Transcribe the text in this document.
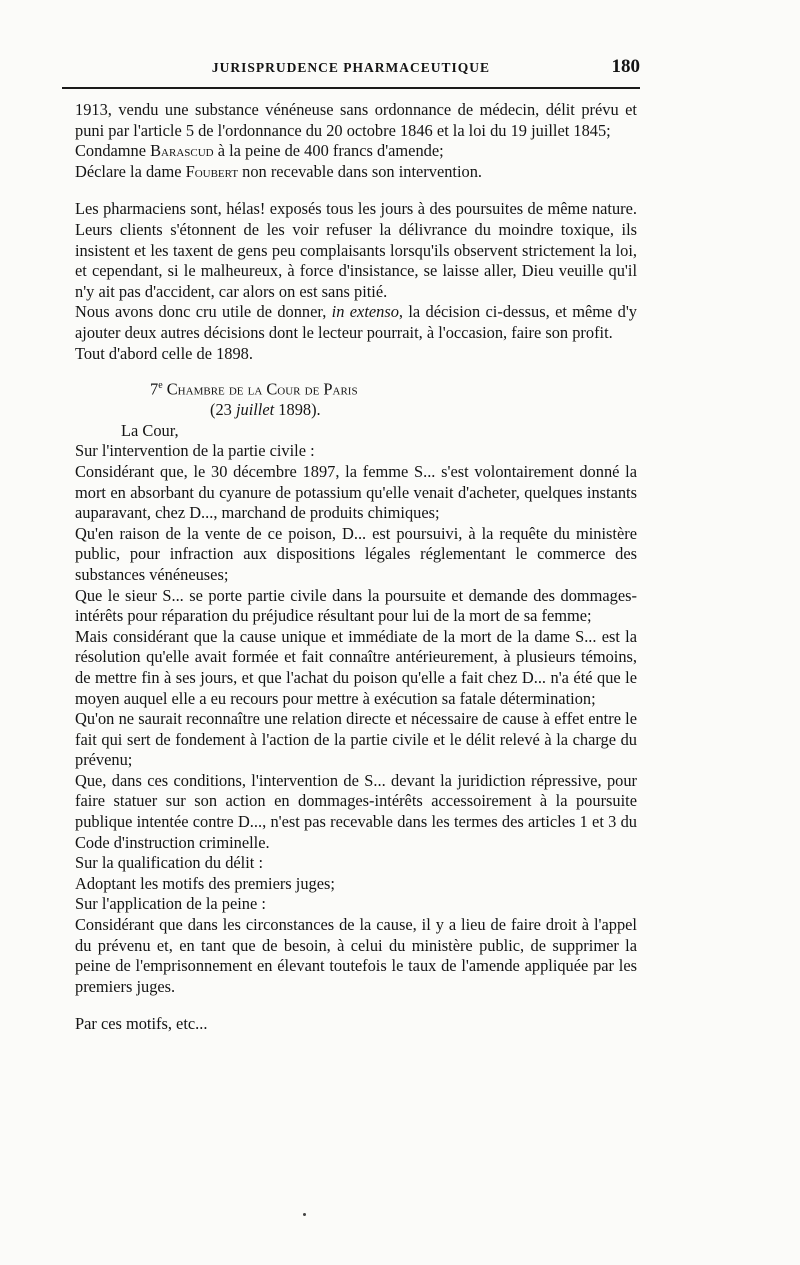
JURISPRUDENCE PHARMACEUTIQUE	180

1913, vendu une substance vénéneuse sans ordonnance de médecin, délit prévu et puni par l'article 5 de l'ordonnance du 20 octobre 1846 et la loi du 19 juillet 1845;

Condamne Barascud à la peine de 400 francs d'amende;

Déclare la dame Foubert non recevable dans son intervention.

Les pharmaciens sont, hélas! exposés tous les jours à des poursuites de même nature. Leurs clients s'étonnent de les voir refuser la délivrance du moindre toxique, ils insistent et les taxent de gens peu complaisants lorsqu'ils observent strictement la loi, et cependant, si le malheureux, à force d'insistance, se laisse aller, Dieu veuille qu'il n'y ait pas d'accident, car alors on est sans pitié.

Nous avons donc cru utile de donner, in extenso, la décision ci-dessus, et même d'y ajouter deux autres décisions dont le lecteur pourrait, à l'occasion, faire son profit.

Tout d'abord celle de 1898.

7e Chambre de la Cour de Paris

(23 juillet 1898).

La Cour,

Sur l'intervention de la partie civile :

Considérant que, le 30 décembre 1897, la femme S... s'est volontairement donné la mort en absorbant du cyanure de potassium qu'elle venait d'acheter, quelques instants auparavant, chez D..., marchand de produits chimiques;

Qu'en raison de la vente de ce poison, D... est poursuivi, à la requête du ministère public, pour infraction aux dispositions légales réglementant le commerce des substances vénéneuses;

Que le sieur S... se porte partie civile dans la poursuite et demande des dommages-intérêts pour réparation du préjudice résultant pour lui de la mort de sa femme;

Mais considérant que la cause unique et immédiate de la mort de la dame S... est la résolution qu'elle avait formée et fait connaître antérieurement, à plusieurs témoins, de mettre fin à ses jours, et que l'achat du poison qu'elle a fait chez D... n'a été que le moyen auquel elle a eu recours pour mettre à exécution sa fatale détermination;

Qu'on ne saurait reconnaître une relation directe et nécessaire de cause à effet entre le fait qui sert de fondement à l'action de la partie civile et le délit relevé à la charge du prévenu;

Que, dans ces conditions, l'intervention de S... devant la juridiction répressive, pour faire statuer sur son action en dommages-intérêts accessoirement à la poursuite publique intentée contre D..., n'est pas recevable dans les termes des articles 1 et 3 du Code d'instruction criminelle.

Sur la qualification du délit :

Adoptant les motifs des premiers juges;

Sur l'application de la peine :

Considérant que dans les circonstances de la cause, il y a lieu de faire droit à l'appel du prévenu et, en tant que de besoin, à celui du ministère public, de supprimer la peine de l'emprisonnement en élevant toutefois le taux de l'amende appliquée par les premiers juges.

Par ces motifs, etc...
